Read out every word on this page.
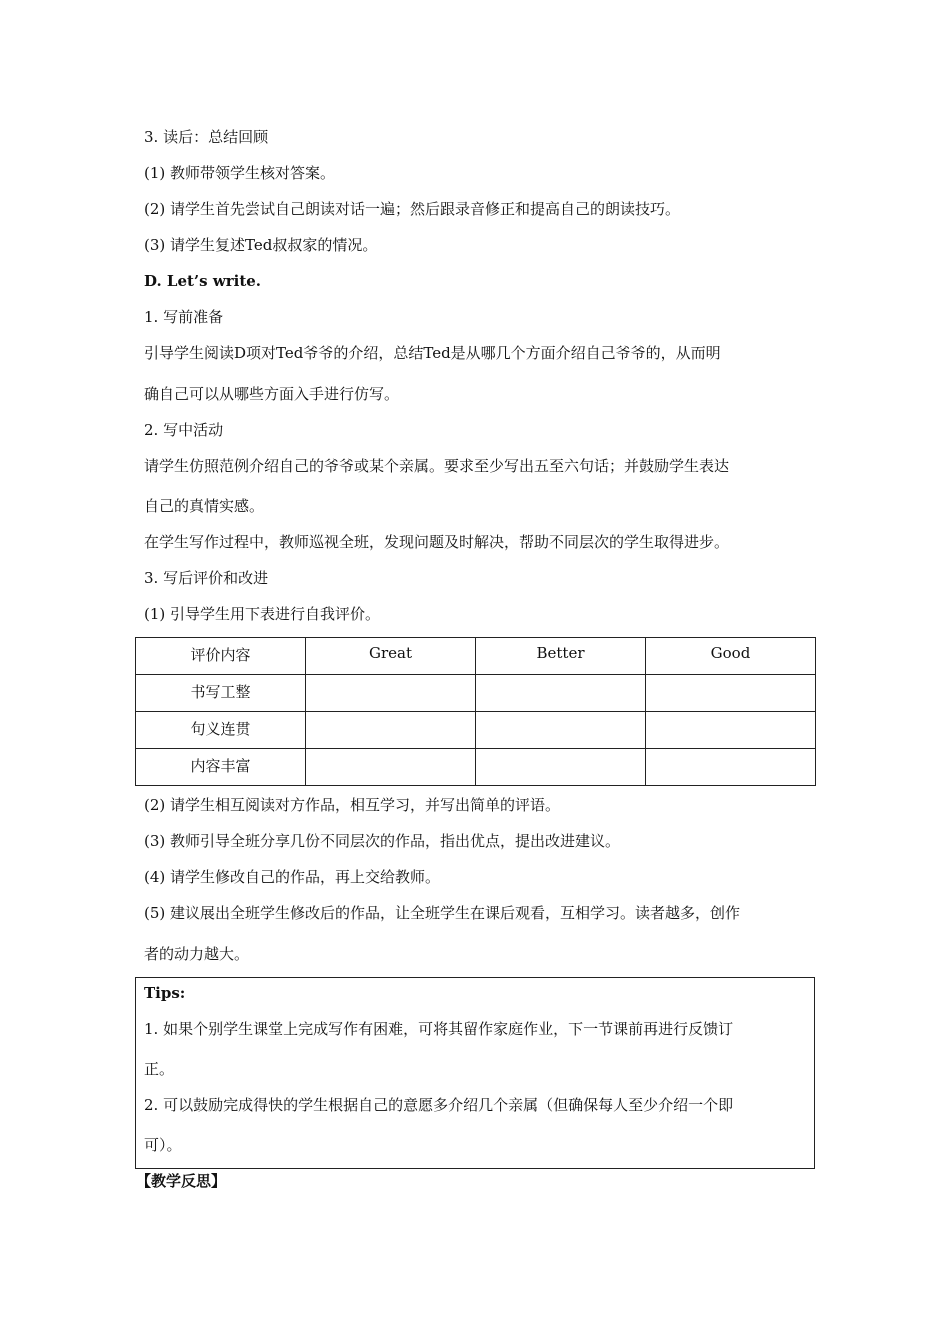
3. 读后：总结回顾
(1) 教师带领学生核对答案。
(2) 请学生首先尝试自己朗读对话一遍；然后跟录音修正和提高自己的朗读技巧。
(3) 请学生复述Ted叔叔家的情况。
D. Let’s write.
1. 写前准备
引导学生阅读D项对Ted爷爷的介绍，总结Ted是从哪几个方面介绍自己爷爷的，从而明
确自己可以从哪些方面入手进行仿写。
2. 写中活动
请学生仿照范例介绍自己的爷爷或某个亲属。要求至少写出五至六句话；并鼓励学生表达
自己的真情实感。
在学生写作过程中，教师巡视全班，发现问题及时解决，帮助不同层次的学生取得进步。
3. 写后评价和改进
(1) 引导学生用下表进行自我评价。
评价内容	Great	Better	Good
书写工整			
句义连贯			
内容丰富			
(2) 请学生相互阅读对方作品，相互学习，并写出简单的评语。
(3) 教师引导全班分享几份不同层次的作品，指出优点，提出改进建议。
(4) 请学生修改自己的作品，再上交给教师。
(5) 建议展出全班学生修改后的作品，让全班学生在课后观看，互相学习。读者越多，创作
者的动力越大。
Tips:
1. 如果个别学生课堂上完成写作有困难，可将其留作家庭作业，下一节课前再进行反馈订
正。
2. 可以鼓励完成得快的学生根据自己的意愿多介绍几个亲属（但确保每人至少介绍一个即
可）。
【教学反思】
